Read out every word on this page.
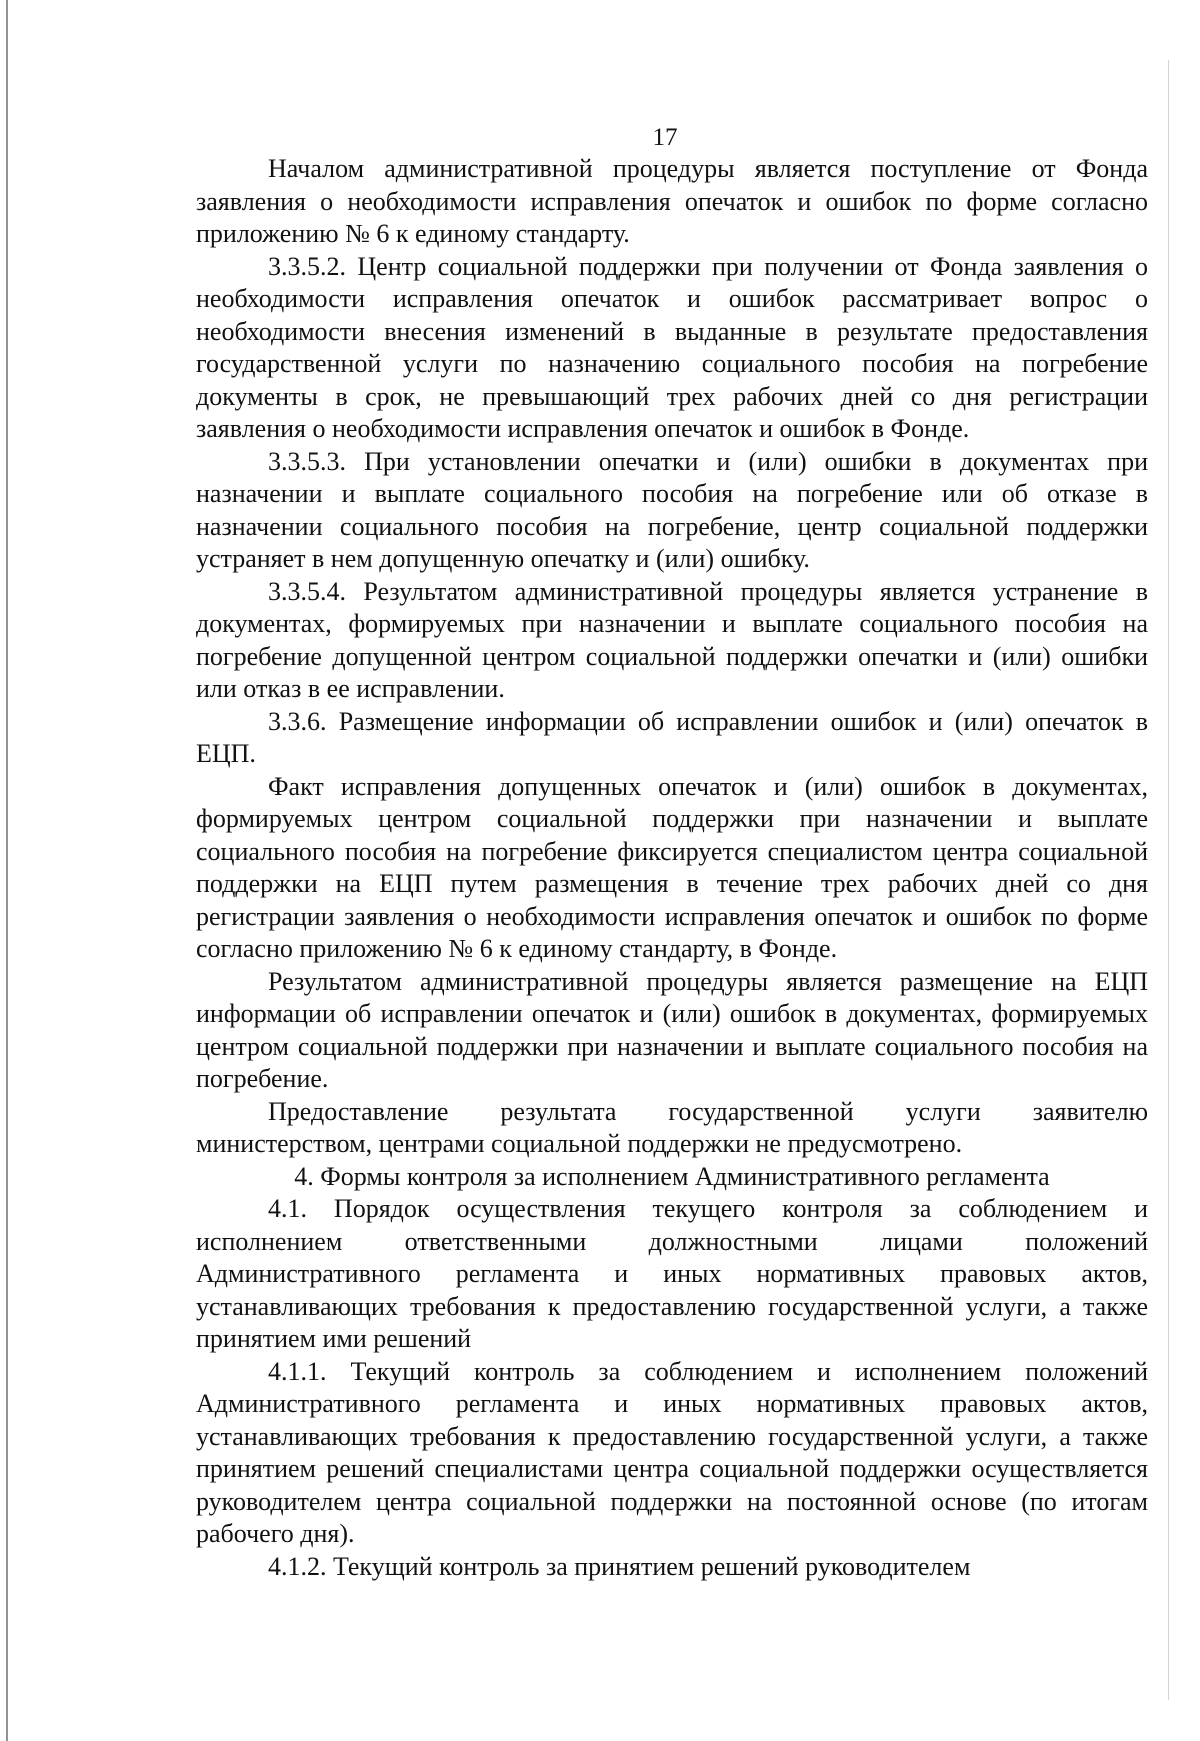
17

Началом административной процедуры является поступление от Фонда заявления о необходимости исправления опечаток и ошибок по форме согласно приложению № 6 к единому стандарту.

3.3.5.2. Центр социальной поддержки при получении от Фонда заявления о необходимости исправления опечаток и ошибок рассматривает вопрос о необходимости внесения изменений в выданные в результате предоставления государственной услуги по назначению социального пособия на погребение документы в срок, не превышающий трех рабочих дней со дня регистрации заявления о необходимости исправления опечаток и ошибок в Фонде.

3.3.5.3. При установлении опечатки и (или) ошибки в документах при назначении и выплате социального пособия на погребение или об отказе в назначении социального пособия на погребение, центр социальной поддержки устраняет в нем допущенную опечатку и (или) ошибку.

3.3.5.4. Результатом административной процедуры является устранение в документах, формируемых при назначении и выплате социального пособия на погребение допущенной центром социальной поддержки опечатки и (или) ошибки или отказ в ее исправлении.

3.3.6. Размещение информации об исправлении ошибок и (или) опечаток в ЕЦП.

Факт исправления допущенных опечаток и (или) ошибок в документах, формируемых центром социальной поддержки при назначении и выплате социального пособия на погребение фиксируется специалистом центра социальной поддержки на ЕЦП путем размещения в течение трех рабочих дней со дня регистрации заявления о необходимости исправления опечаток и ошибок по форме согласно приложению № 6 к единому стандарту, в Фонде.

Результатом административной процедуры является размещение на ЕЦП информации об исправлении опечаток и (или) ошибок в документах, формируемых центром социальной поддержки при назначении и выплате социального пособия на погребение.

Предоставление результата государственной услуги заявителю министерством, центрами социальной поддержки не предусмотрено.

4. Формы контроля за исполнением Административного регламента

4.1. Порядок осуществления текущего контроля за соблюдением и исполнением ответственными должностными лицами положений Административного регламента и иных нормативных правовых актов, устанавливающих требования к предоставлению государственной услуги, а также принятием ими решений

4.1.1. Текущий контроль за соблюдением и исполнением положений Административного регламента и иных нормативных правовых актов, устанавливающих требования к предоставлению государственной услуги, а также принятием решений специалистами центра социальной поддержки осуществляется руководителем центра социальной поддержки на постоянной основе (по итогам рабочего дня).

4.1.2. Текущий контроль за принятием решений руководителем
